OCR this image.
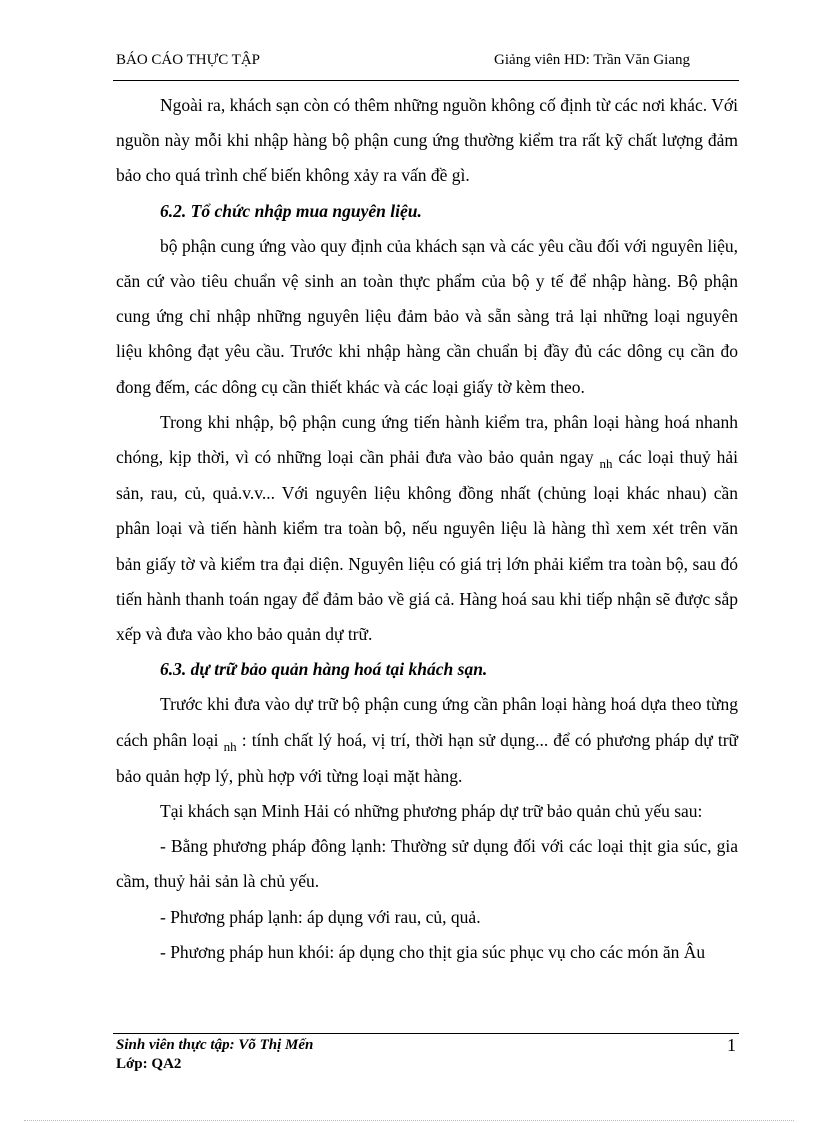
BÁO CÁO THỰC TẬP	Giảng viên HD: Trần Văn Giang

Ngoài ra, khách sạn còn có thêm những nguồn không cố định từ các nơi khác. Với nguồn này mỗi khi nhập hàng bộ phận cung ứng thường kiểm tra rất kỹ chất lượng đảm bảo cho quá trình chế biến không xảy ra vấn đề gì.

6.2. Tổ chức nhập mua nguyên liệu.

bộ phận cung ứng vào quy định của khách sạn và các yêu cầu đối với nguyên liệu, căn cứ vào tiêu chuẩn vệ sinh an toàn thực phẩm của bộ y tế để nhập hàng. Bộ phận cung ứng chỉ nhập những nguyên liệu đảm bảo và sẵn sàng trả lại những loại nguyên liệu không đạt yêu cầu. Trước khi nhập hàng cần chuẩn bị đầy đủ các dông cụ cần đo đong đếm, các dông cụ cần thiết khác và các loại giấy tờ kèm theo.

Trong khi nhập, bộ phận cung ứng tiến hành kiểm tra, phân loại hàng hoá nhanh chóng, kịp thời, vì có những loại cần phải đưa vào bảo quản ngay $_{nh}$ các loại thuỷ hải sản, rau, củ, quả.v.v... Với nguyên liệu không đồng nhất (chủng loại khác nhau) cần phân loại và tiến hành kiểm tra toàn bộ, nếu nguyên liệu là hàng thì xem xét trên văn bản giấy tờ và kiểm tra đại diện. Nguyên liệu có giá trị lớn phải kiểm tra toàn bộ, sau đó tiến hành thanh toán ngay để đảm bảo về giá cả. Hàng hoá sau khi tiếp nhận sẽ được sắp xếp và đưa vào kho bảo quản dự trữ.

6.3. dự trữ bảo quản hàng hoá tại khách sạn.

Trước khi đưa vào dự trữ bộ phận cung ứng cần phân loại hàng hoá dựa theo từng cách phân loại $_{nh}$ : tính chất lý hoá, vị trí, thời hạn sử dụng... để có phương pháp dự trữ bảo quản hợp lý, phù hợp với từng loại mặt hàng.

Tại khách sạn Minh Hải có những phương pháp dự trữ bảo quản chủ yếu sau:

- Bằng phương pháp đông lạnh: Thường sử dụng đối với các loại thịt gia súc, gia cầm, thuỷ hải sản là chủ yếu.

- Phương pháp lạnh: áp dụng với rau, củ, quả.

- Phương pháp hun khói: áp dụng cho thịt gia súc phục vụ cho các món ăn Âu

Sinh viên thực tập: Võ Thị Mến
Lớp: QA2
1
